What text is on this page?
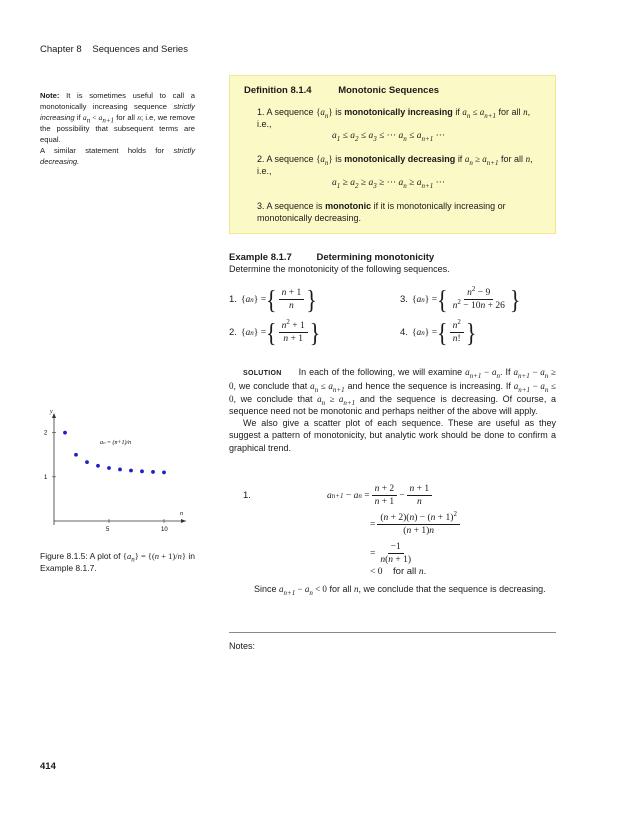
Chapter 8 Sequences and Series

Note: It is sometimes useful to call a monotonically increasing sequence strictly increasing if $a_n < a_{n+1}$ for all n; i.e, we remove the possibility that subsequent terms are equal.

A similar statement holds for strictly decreasing.

Definition 8.1.4	Monotonic Sequences
1. A sequence $\{a_n\}$ is monotonically increasing if $a_n \le a_{n+1}$ for all n, i.e.,
$a_1 \le a_2 \le a_3$ ≤ ··· $a_n \le a_{n+1}$ ···
2. A sequence $\{a_n\}$ is monotonically decreasing if $a_n \ge a_{n+1}$ for all n, i.e.,
$a_1 \ge a_2 \ge a_3$ ≥ ··· $a_n \ge a_{n+1}$ ···
3. A sequence is monotonic if it is monotonically increasing or monotonically decreasing.
Example 8.1.7	Determining monotonicity
Determine the monotonicity of the following sequences.
1. { a n }
= { $\frac{n + 1}{n}$ }
2. { a n }
= { $\frac{n^2 + 1}{n + 1}$ }
3. { a n }
= { $\frac{n^2 - 9}{n^2 - 10n + 26}$ }
4. { a n }
= { $\frac{n^2}{n!}$ }

SOLUTION In each of the following, we will examine $a_{n+1} - a_n$. If $a_{n+1} - a_n \ge 0$, we conclude that $a_n \le a_{n+1}$ and hence the sequence is increasing. If $a_{n+1} - a_n \le 0$, we conclude that $a_n \ge a_{n+1}$ and the sequence is decreasing. Of course, a sequence need not be monotonic and perhaps neither of the above will apply.

We also give a scatter plot of each sequence. These are useful as they suggest a pattern of monotonicity, but analytic work should be done to confirm a graphical trend.

1.	a n+1
− a n
= $\frac{n + 2}{n + 1} - \frac{n + 1}{n}$
= $\frac{(n + 2)(n) - (n + 1)^2}{(n + 1)n}$
= $\frac{-1}{n(n + 1)}$
< 0 for all n.
Since $a_{n+1} - a_n < 0$ for all n, we conclude that the sequence is decreasing.
y
n
5	10
1
2
aₙ = (n+1)/n
Figure 8.1.5: A plot of $\{a_n\} = \{(n + 1)/n\}$ in Example 8.1.7.
Notes:
414
